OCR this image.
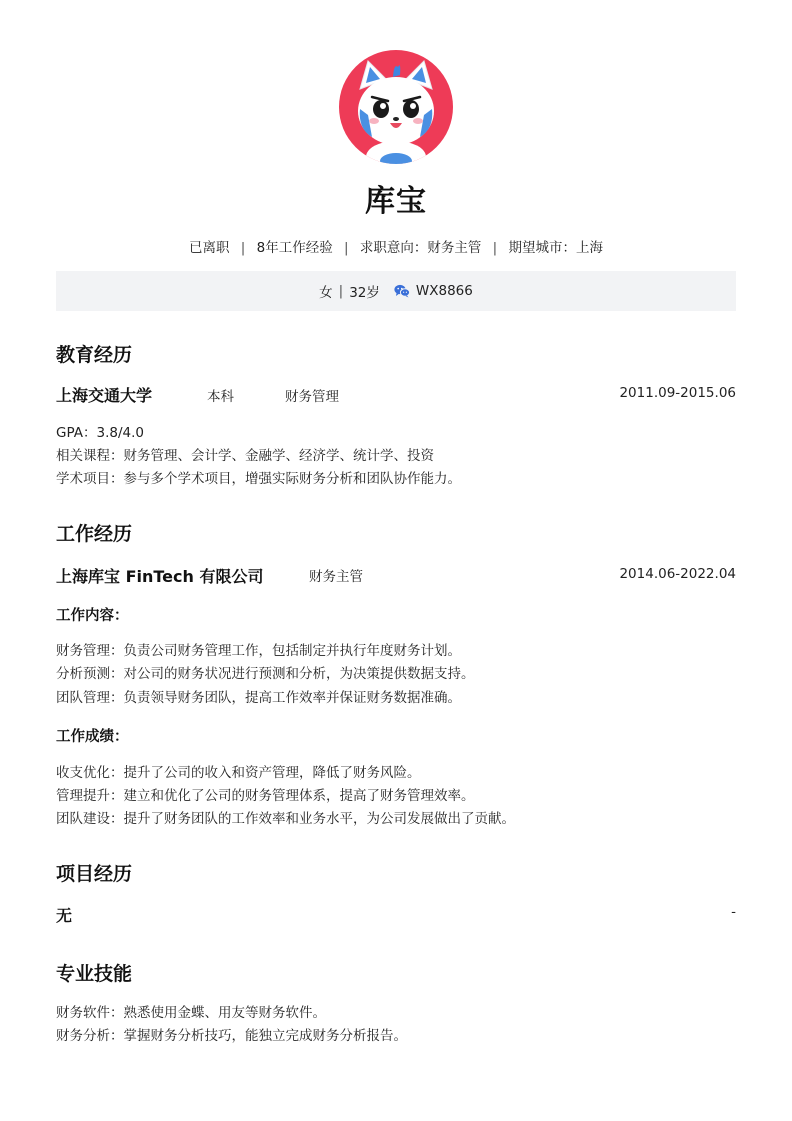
库宝
已离职 | 8年工作经验 | 求职意向：财务主管 | 期望城市：上海
女 | 32岁	WX8866
教育经历
上海交通大学	本科	财务管理	2011.09-2015.06
GPA：3.8/4.0
相关课程：财务管理、会计学、金融学、经济学、统计学、投资
学术项目：参与多个学术项目，增强实际财务分析和团队协作能力。
工作经历
上海库宝 FinTech 有限公司	财务主管	2014.06-2022.04
工作内容：
财务管理：负责公司财务管理工作，包括制定并执行年度财务计划。
分析预测：对公司的财务状况进行预测和分析，为决策提供数据支持。
团队管理：负责领导财务团队，提高工作效率并保证财务数据准确。
工作成绩：
收支优化：提升了公司的收入和资产管理，降低了财务风险。
管理提升：建立和优化了公司的财务管理体系，提高了财务管理效率。
团队建设：提升了财务团队的工作效率和业务水平，为公司发展做出了贡献。
项目经历
无	-
专业技能
财务软件：熟悉使用金蝶、用友等财务软件。
财务分析：掌握财务分析技巧，能独立完成财务分析报告。
